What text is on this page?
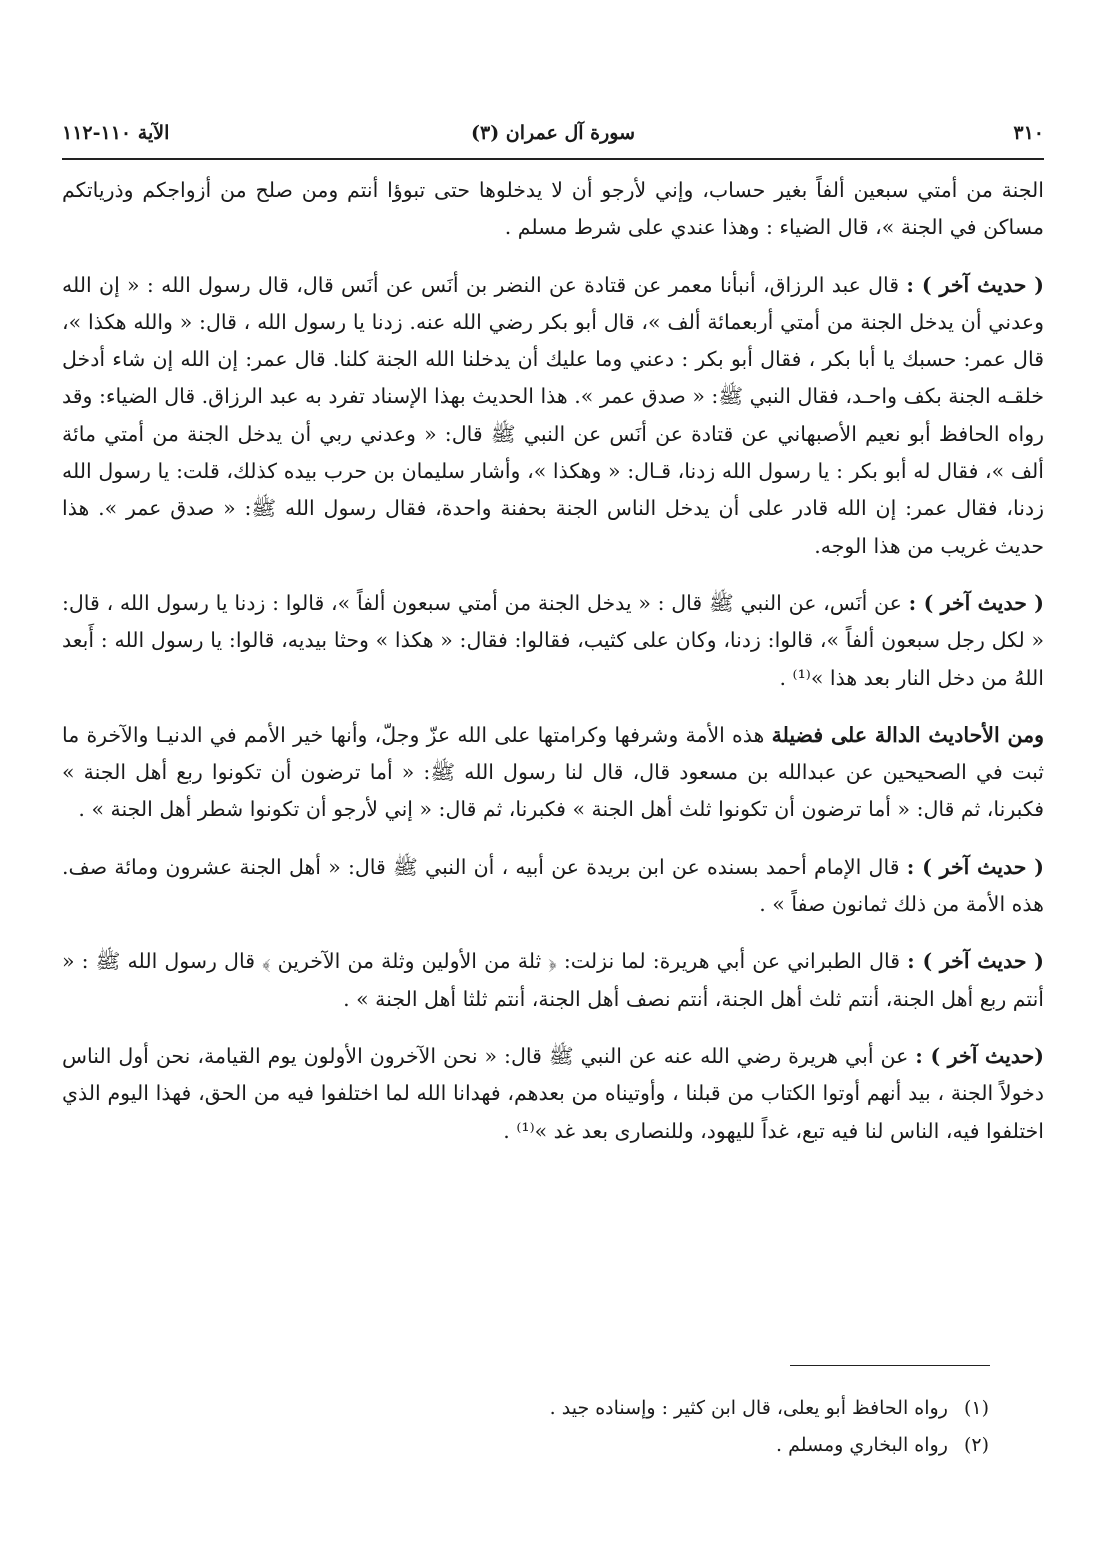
٣١٠
(٣) سورة آل عمران
الآية ١١٠-١١٢

الجنة من أمتي سبعين ألفاً بغير حساب، وإني لأرجو أن لا يدخلوها حتى تبوؤا أنتم ومن صلح من أزواجكم وذرياتكم مساكن في الجنة »، قال الضياء : وهذا عندي على شرط مسلم .

( حديث آخر ) : قال عبد الرزاق، أنبأنا معمر عن قتادة عن النضر بن أنَس عن أنَس قال، قال رسول الله : « إن الله وعدني أن يدخل الجنة من أمتي أربعمائة ألف »، قال أبو بكر رضي الله عنه. زدنا يا رسول الله ، قال: « والله هكذا »، قال عمر: حسبك يا أبا بكر ، فقال أبو بكر : دعني وما عليك أن يدخلنا الله الجنة كلنا. قال عمر: إن الله إن شاء أدخل خلقـه الجنة بكف واحـد، فقال النبي ﷺ: « صدق عمر ». هذا الحديث بهذا الإسناد تفرد به عبد الرزاق. قال الضياء: وقد رواه الحافظ أبو نعيم الأصبهاني عن قتادة عن أنَس عن النبي ﷺ قال: « وعدني ربي أن يدخل الجنة من أمتي مائة ألف »، فقال له أبو بكر : يا رسول الله زدنا، قـال: « وهكذا »، وأشار سليمان بن حرب بيده كذلك، قلت: يا رسول الله زدنا، فقال عمر: إن الله قادر على أن يدخل الناس الجنة بحفنة واحدة، فقال رسول الله ﷺ: « صدق عمر ». هذا حديث غريب من هذا الوجه.

( حديث آخر ) : عن أنَس، عن النبي ﷺ قال : « يدخل الجنة من أمتي سبعون ألفاً »، قالوا : زدنا يا رسول الله ، قال: « لكل رجل سبعون ألفاً »، قالوا: زدنا، وكان على كثيب، فقالوا: فقال: « هكذا » وحثا بيديه، قالوا: يا رسول الله : أَبعد اللهُ من دخل النار بعد هذا »⁽¹⁾ .

ومن الأحاديث الدالة على فضيلة هذه الأمة وشرفها وكرامتها على الله عزّ وجلّ، وأنها خير الأمم في الدنيـا والآخرة ما ثبت في الصحيحين عن عبدالله بن مسعود قال، قال لنا رسول الله ﷺ: « أما ترضون أن تكونوا ربع أهل الجنة » فكبرنا، ثم قال: « أما ترضون أن تكونوا ثلث أهل الجنة » فكبرنا، ثم قال: « إني لأرجو أن تكونوا شطر أهل الجنة » .

( حديث آخر ) : قال الإمام أحمد بسنده عن ابن بريدة عن أبيه ، أن النبي ﷺ قال: « أهل الجنة عشرون ومائة صف. هذه الأمة من ذلك ثمانون صفاً » .

( حديث آخر ) : قال الطبراني عن أبي هريرة: لما نزلت: ﴿ ثلة من الأولين وثلة من الآخرين ﴾ قال رسول الله ﷺ : « أنتم ربع أهل الجنة، أنتم ثلث أهل الجنة، أنتم نصف أهل الجنة، أنتم ثلثا أهل الجنة » .

(حديث آخر ) : عن أبي هريرة رضي الله عنه عن النبي ﷺ قال: « نحن الآخرون الأولون يوم القيامة، نحن أول الناس دخولاً الجنة ، بيد أنهم أوتوا الكتاب من قبلنا ، وأوتيناه من بعدهم، فهدانا الله لما اختلفوا فيه من الحق، فهذا اليوم الذي اختلفوا فيه، الناس لنا فيه تبع، غداً لليهود، وللنصارى بعد غد »⁽¹⁾ .

(١) رواه الحافظ أبو يعلى، قال ابن كثير : وإسناده جيد .
(٢) رواه البخاري ومسلم .
